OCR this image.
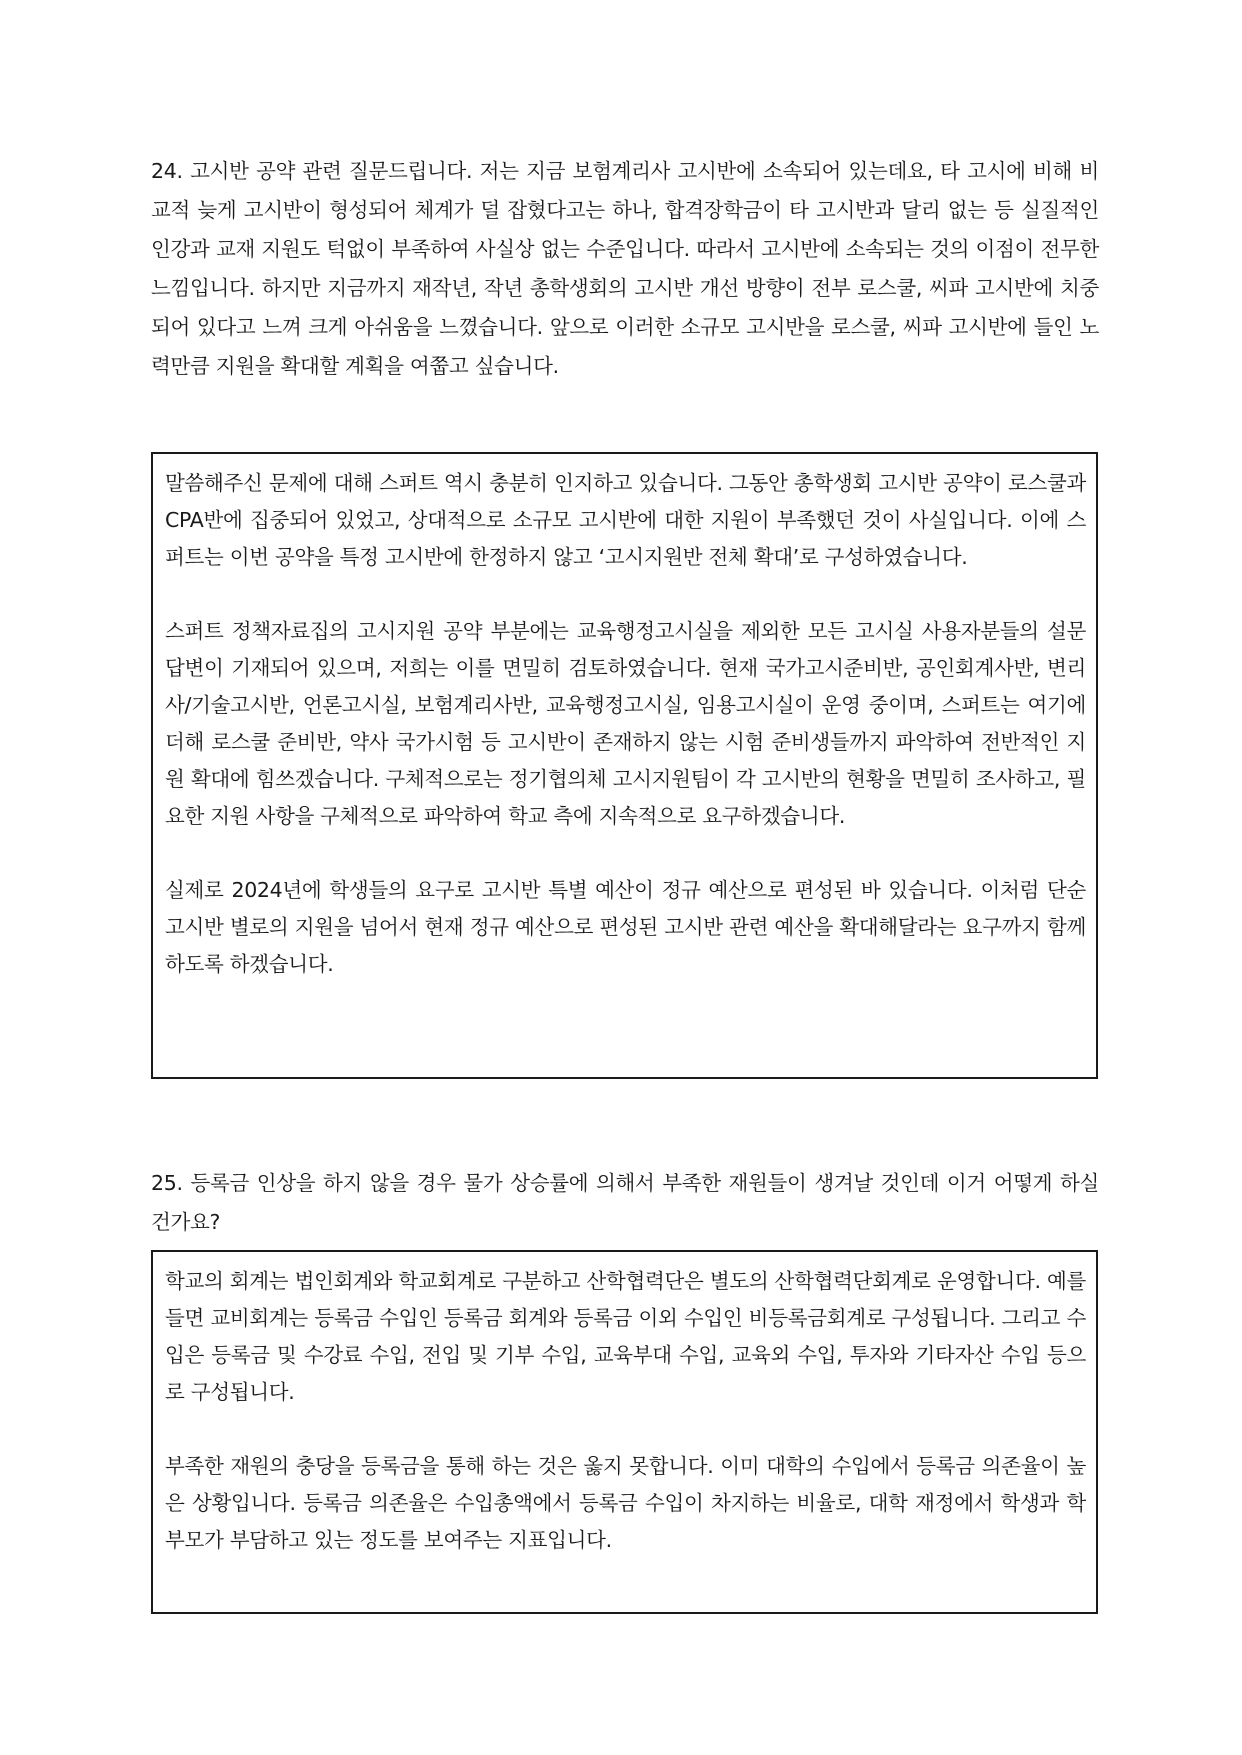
24. 고시반 공약 관련 질문드립니다. 저는 지금 보험계리사 고시반에 소속되어 있는데요, 타 고시에 비해 비교적 늦게 고시반이 형성되어 체계가 덜 잡혔다고는 하나, 합격장학금이 타 고시반과 달리 없는 등 실질적인 인강과 교재 지원도 턱없이 부족하여 사실상 없는 수준입니다. 따라서 고시반에 소속되는 것의 이점이 전무한 느낌입니다. 하지만 지금까지 재작년, 작년 총학생회의 고시반 개선 방향이 전부 로스쿨, 씨파 고시반에 치중되어 있다고 느껴 크게 아쉬움을 느꼈습니다. 앞으로 이러한 소규모 고시반을 로스쿨, 씨파 고시반에 들인 노력만큼 지원을 확대할 계획을 여쭙고 싶습니다.

말씀해주신 문제에 대해 스퍼트 역시 충분히 인지하고 있습니다. 그동안 총학생회 고시반 공약이 로스쿨과 CPA반에 집중되어 있었고, 상대적으로 소규모 고시반에 대한 지원이 부족했던 것이 사실입니다. 이에 스퍼트는 이번 공약을 특정 고시반에 한정하지 않고 ‘고시지원반 전체 확대’로 구성하였습니다.

스퍼트 정책자료집의 고시지원 공약 부분에는 교육행정고시실을 제외한 모든 고시실 사용자분들의 설문 답변이 기재되어 있으며, 저희는 이를 면밀히 검토하였습니다. 현재 국가고시준비반, 공인회계사반, 변리사/기술고시반, 언론고시실, 보험계리사반, 교육행정고시실, 임용고시실이 운영 중이며, 스퍼트는 여기에 더해 로스쿨 준비반, 약사 국가시험 등 고시반이 존재하지 않는 시험 준비생들까지 파악하여 전반적인 지원 확대에 힘쓰겠습니다. 구체적으로는 정기협의체 고시지원팀이 각 고시반의 현황을 면밀히 조사하고, 필요한 지원 사항을 구체적으로 파악하여 학교 측에 지속적으로 요구하겠습니다.

실제로 2024년에 학생들의 요구로 고시반 특별 예산이 정규 예산으로 편성된 바 있습니다. 이처럼 단순 고시반 별로의 지원을 넘어서 현재 정규 예산으로 편성된 고시반 관련 예산을 확대해달라는 요구까지 함께 하도록 하겠습니다.

25. 등록금 인상을 하지 않을 경우 물가 상승률에 의해서 부족한 재원들이 생겨날 것인데 이거 어떻게 하실 건가요?

학교의 회계는 법인회계와 학교회계로 구분하고 산학협력단은 별도의 산학협력단회계로 운영합니다. 예를 들면 교비회계는 등록금 수입인 등록금 회계와 등록금 이외 수입인 비등록금회계로 구성됩니다. 그리고 수입은 등록금 및 수강료 수입, 전입 및 기부 수입, 교육부대 수입, 교육외 수입, 투자와 기타자산 수입 등으로 구성됩니다.

부족한 재원의 충당을 등록금을 통해 하는 것은 옳지 못합니다. 이미 대학의 수입에서 등록금 의존율이 높은 상황입니다. 등록금 의존율은 수입총액에서 등록금 수입이 차지하는 비율로, 대학 재정에서 학생과 학부모가 부담하고 있는 정도를 보여주는 지표입니다.
